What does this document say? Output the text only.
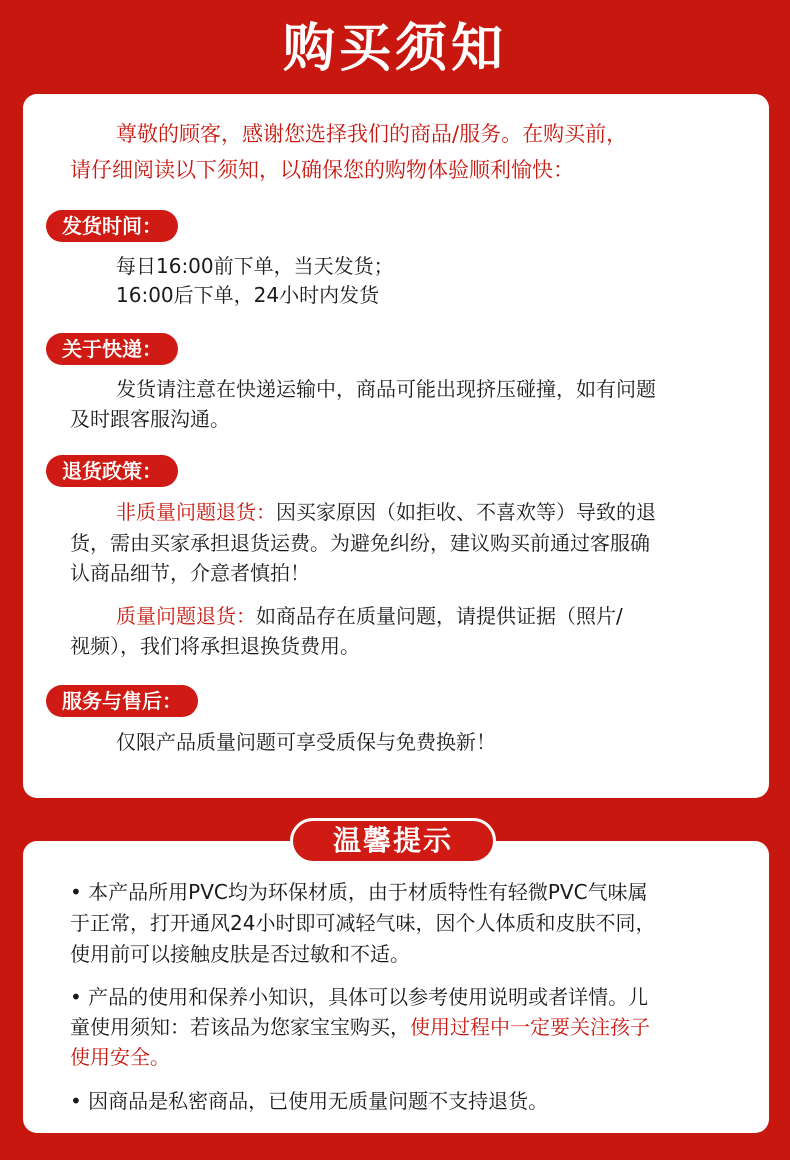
购买须知
尊敬的顾客，感谢您选择我们的商品/服务。在购买前，
请仔细阅读以下须知，以确保您的购物体验顺利愉快：
发货时间：
每日16:00前下单，当天发货；
16:00后下单，24小时内发货
关于快递：
发货请注意在快递运输中，商品可能出现挤压碰撞，如有问题
及时跟客服沟通。
退货政策：
非质量问题退货：因买家原因（如拒收、不喜欢等）导致的退
货，需由买家承担退货运费。为避免纠纷，建议购买前通过客服确
认商品细节，介意者慎拍！
质量问题退货：如商品存在质量问题，请提供证据（照片/
视频），我们将承担退换货费用。
服务与售后：
仅限产品质量问题可享受质保与免费换新！
温馨提示
• 本产品所用PVC均为环保材质，由于材质特性有轻微PVC气味属
于正常，打开通风24小时即可减轻气味，因个人体质和皮肤不同，
使用前可以接触皮肤是否过敏和不适。
• 产品的使用和保养小知识，具体可以参考使用说明或者详情。儿
童使用须知：若该品为您家宝宝购买，使用过程中一定要关注孩子
使用安全。
• 因商品是私密商品，已使用无质量问题不支持退货。
